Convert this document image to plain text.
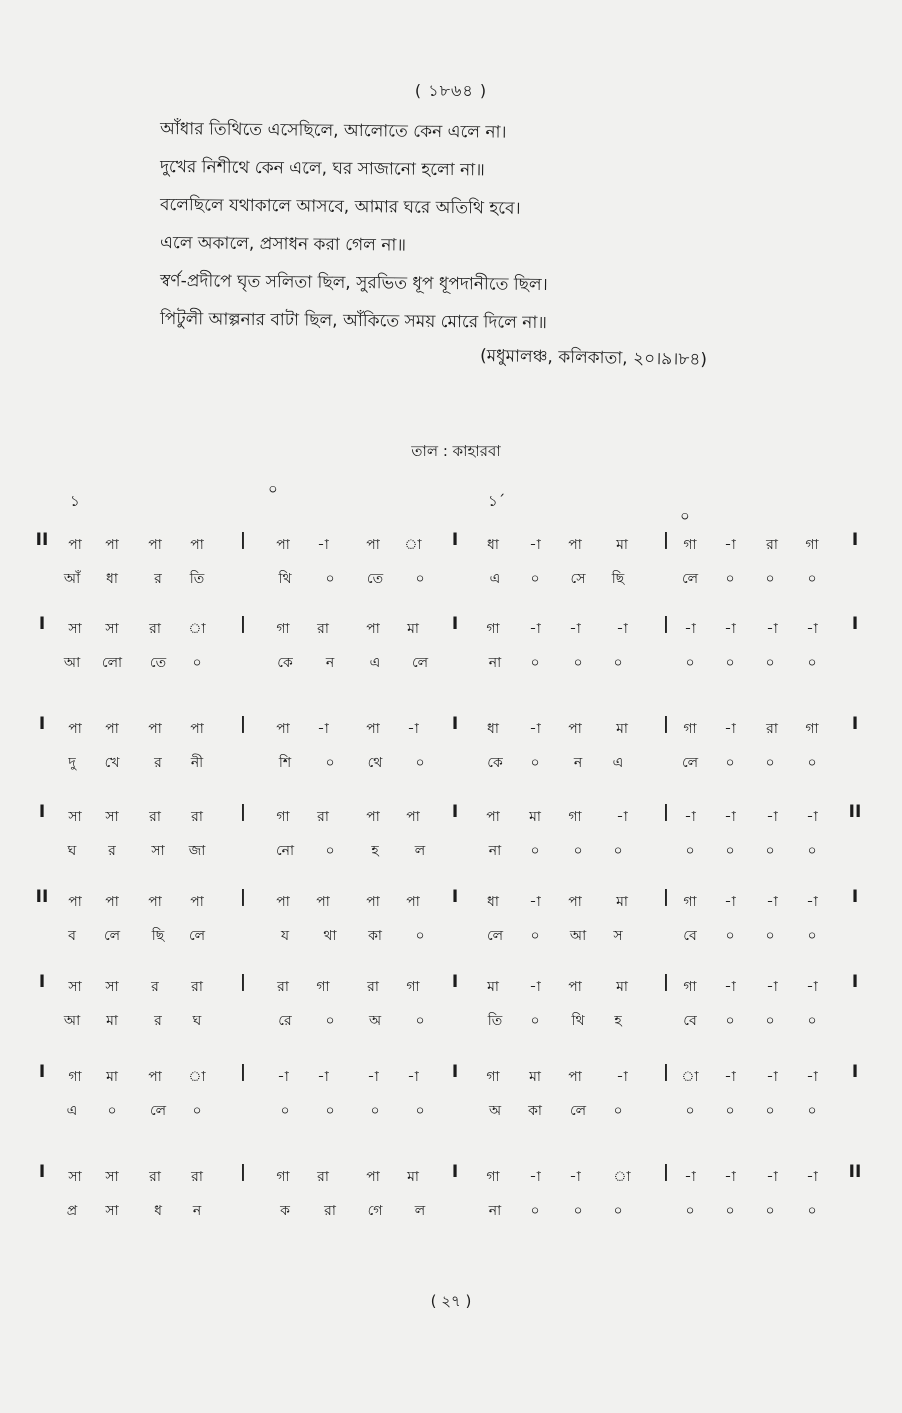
( ১৮৬৪ )
আঁধার তিথিতে এসেছিলে, আলোতে কেন এলে না।
দুখের নিশীথে কেন এলে, ঘর সাজানো হলো না॥
বলেছিলে যথাকালে আসবে, আমার ঘরে অতিথি হবে।
এলে অকালে, প্রসাধন করা গেল না॥
স্বর্ণ-প্রদীপে ঘৃত সলিতা ছিল, সুরভিত ধূপ ধূপদানীতে ছিল।
পিটুলী আল্পনার বাটা ছিল, আঁকিতে সময় মোরে দিলে না॥
(মধুমালঞ্চ, কলিকাতা, ২০।৯।৮৪)
তাল : কাহারবা
১
০
১´
০
II পা পা পা পা | পা -া	পা া I ধা -া পা মা | গা -া রা গা I
আঁ ধা	র তি	থি ০ তে ০	এ ০ সে ছি	লে ০ ০ ০
I সা সা রা া | গা রা	পা মা I গা -া -া	-া | -া -া -া -া I
আ লো তে ০	কে ন	এ লে	না ০ ০ ০	০ ০ ০ ০
I পা পা পা পা | পা -া	পা -া I ধা -া পা মা | গা -া রা গা I
দু খে র নী	শি ০ থে ০	কে ০ ন এ	লে ০ ০ ০
I সা সা রা রা | গা রা	পা পা I পা মা গা -া | -া -া -া -া II
ঘ র	সা জা	নো ০	হ	ল	না ০ ০ ০	০ ০ ০ ০
II পা পা পা পা | পা পা	পা পা I ধা -া পা মা | গা -া -া -া I
ব লে ছি লে	য থা কা ০	লে ০ আ স	বে ০ ০ ০
I সা সা র রা | রা গা	রা গা I মা -া পা মা | গা -া -া -া I
আ মা	র ঘ	রে ০ অ ০	তি ০ থি হ	বে ০ ০ ০
I গা মা পা া | -া -া	-া -া I গা মা পা -া | া -া -া -া I
এ ০ লে ০	০	০	০	০	অ কা লে ০	০ ০ ০ ০
I সা সা রা রা | গা রা	পা মা I গা -া -া া | -া -া -া -া II
প্র সা	ধ ন	ক রা গে ল	না ০ ০ ০	০ ০ ০ ০
( ২৭ )
